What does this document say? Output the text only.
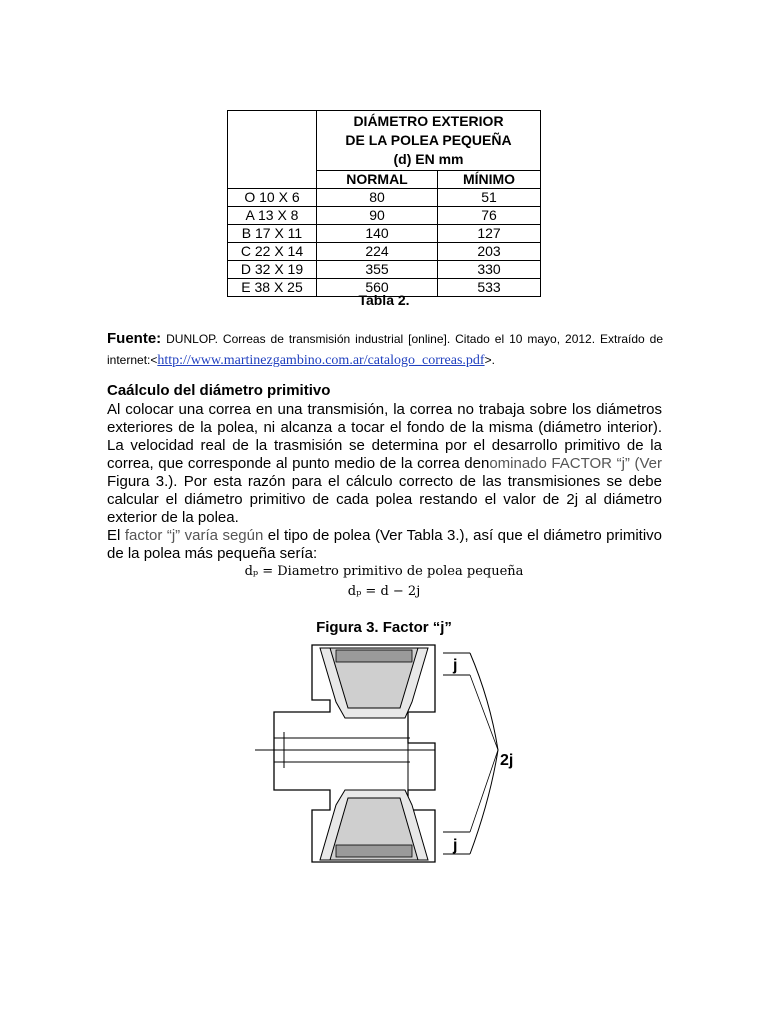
	DIÁMETRO EXTERIOR
DE LA POLEA PEQUEÑA
(d) EN mm	
	NORMAL	MÍNIMO
O 10 X 6	80	51
A 13 X 8	90	76
B 17 X 11	140	127
C 22 X 14	224	203
D 32 X 19	355	330
E 38 X 25	560	533
Tabla 2.
Fuente: DUNLOP. Correas de transmisión industrial [online]. Citado el 10 mayo, 2012. Extraído de internet:<http://www.martinezgambino.com.ar/catalogo_correas.pdf>.
Caálculo del diámetro primitivo
Al colocar una correa en una transmisión, la correa no trabaja sobre los diámetros exteriores de la polea, ni alcanza a tocar el fondo de la misma (diámetro interior). La velocidad real de la trasmisión se determina por el desarrollo primitivo de la correa, que corresponde al punto medio de la correa denominado FACTOR “j” (Ver Figura 3.). Por esta razón para el cálculo correcto de las transmisiones se debe calcular el diámetro primitivo de cada polea restando el valor de 2j al diámetro exterior de la polea.
El factor “j” varía según el tipo de polea (Ver Tabla 3.), así que el diámetro primitivo de la polea más pequeña sería:
dₚ = Diametro primitivo de polea pequeña
dₚ = d − 2j
Figura 3. Factor “j”
j
2j
j
